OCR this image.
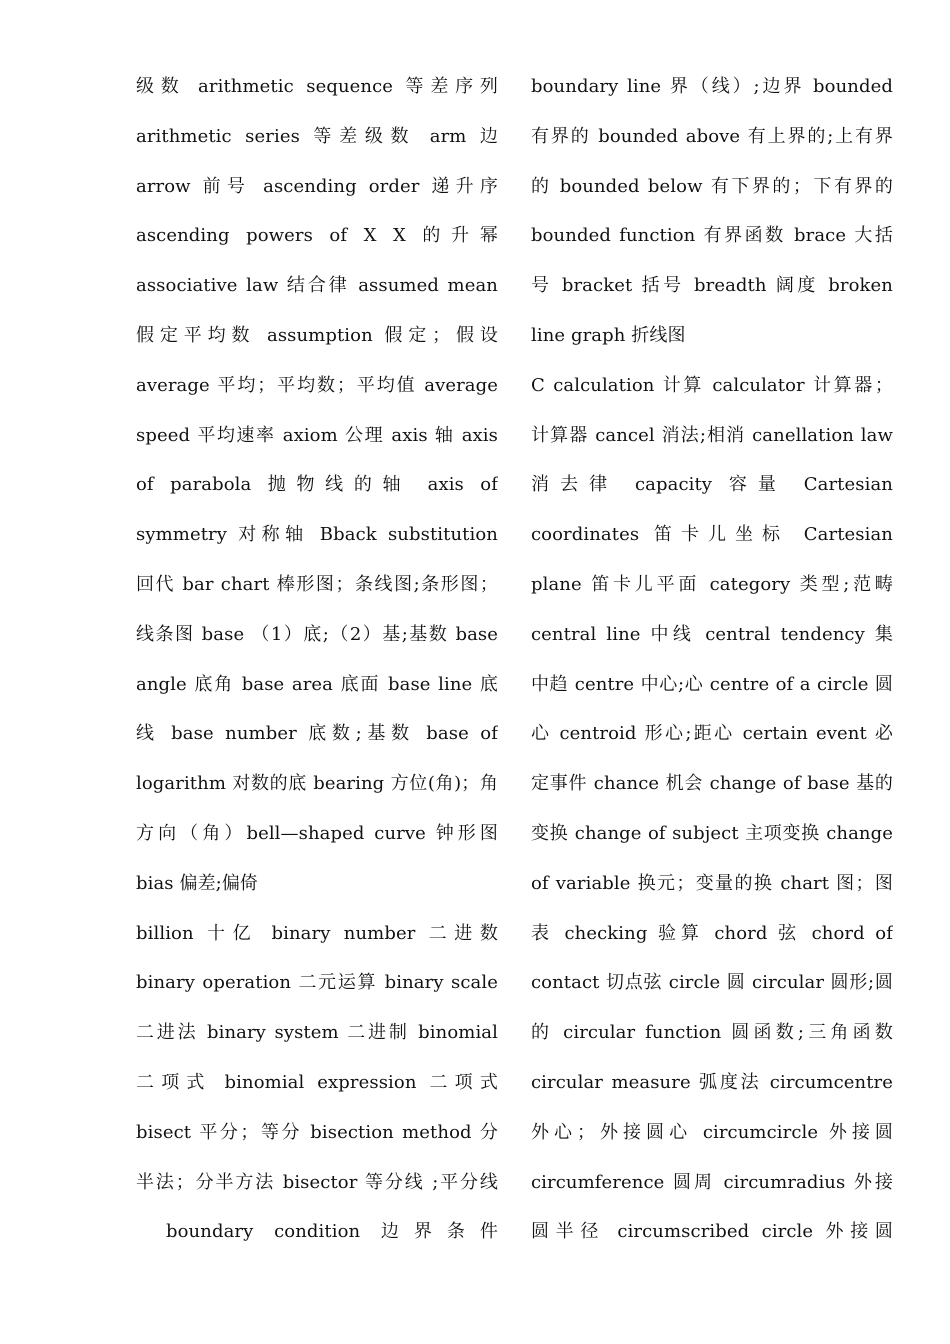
级数 arithmetic sequence 等差序列
arithmetic series 等差级数 arm 边
arrow 前号 ascending order 递升序
ascending powers of X X 的升幂
associative law 结合律 assumed mean
假定平均数 assumption 假定；假设
average 平均；平均数；平均值 average
speed 平均速率 axiom 公理 axis 轴 axis
of parabola 抛物线的轴 axis of
symmetry 对称轴 Bback substitution
回代 bar chart 棒形图；条线图;条形图；
线条图 base （1）底;（2）基;基数 base
angle 底角 base area 底面 base line 底
线 base number 底数;基数 base of
logarithm 对数的底 bearing 方位(角)；角
方向（角）bell—shaped curve 钟形图
bias 偏差;偏倚
billion 十亿 binary number 二进数
binary operation 二元运算 binary scale
二进法 binary system 二进制 binomial
二项式 binomial expression 二项式
bisect 平分；等分 bisection method 分
半法；分半方法 bisector 等分线 ;平分线
boundary condition 边界条件
boundary line 界（线）;边界 bounded
有界的 bounded above 有上界的;上有界
的 bounded below 有下界的；下有界的
bounded function 有界函数 brace 大括
号 bracket 括号 breadth 阔度 broken
line graph 折线图
C calculation 计算 calculator 计算器；
计算器 cancel 消法;相消 canellation law
消去律 capacity 容量 Cartesian
coordinates 笛卡儿坐标 Cartesian
plane 笛卡儿平面 category 类型;范畴
central line 中线 central tendency 集
中趋 centre 中心;心 centre of a circle 圆
心 centroid 形心;距心 certain event 必
定事件 chance 机会 change of base 基的
变换 change of subject 主项变换 change
of variable 换元；变量的换 chart 图；图
表 checking 验算 chord 弦 chord of
contact 切点弦 circle 圆 circular 圆形;圆
的 circular function 圆函数;三角函数
circular measure 弧度法 circumcentre
外心；外接圆心 circumcircle 外接圆
circumference 圆周 circumradius 外接
圆半径 circumscribed circle 外接圆
